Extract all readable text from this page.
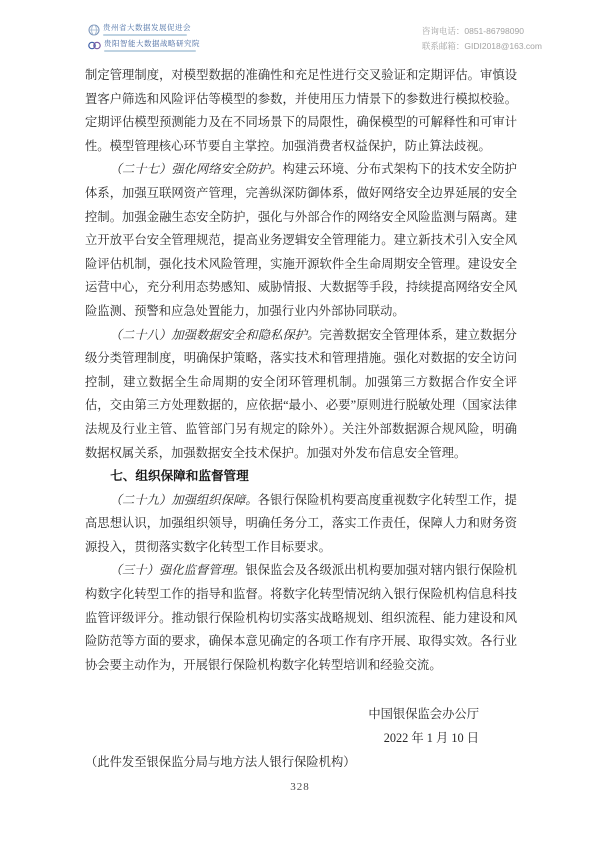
贵州省大数据发展促进会
贵阳智能大数据战略研究院
咨询电话：0851-86798090
联系邮箱：GIDI2018@163.com

制定管理制度，对模型数据的准确性和充足性进行交叉验证和定期评估。审慎设置客户筛选和风险评估等模型的参数，并使用压力情景下的参数进行模拟校验。定期评估模型预测能力及在不同场景下的局限性，确保模型的可解释性和可审计性。模型管理核心环节要自主掌控。加强消费者权益保护，防止算法歧视。

（二十七）强化网络安全防护。构建云环境、分布式架构下的技术安全防护体系，加强互联网资产管理，完善纵深防御体系，做好网络安全边界延展的安全控制。加强金融生态安全防护，强化与外部合作的网络安全风险监测与隔离。建立开放平台安全管理规范，提高业务逻辑安全管理能力。建立新技术引入安全风险评估机制，强化技术风险管理，实施开源软件全生命周期安全管理。建设安全运营中心，充分利用态势感知、威胁情报、大数据等手段，持续提高网络安全风险监测、预警和应急处置能力，加强行业内外部协同联动。

（二十八）加强数据安全和隐私保护。完善数据安全管理体系，建立数据分级分类管理制度，明确保护策略，落实技术和管理措施。强化对数据的安全访问控制，建立数据全生命周期的安全闭环管理机制。加强第三方数据合作安全评估，交由第三方处理数据的，应依据“最小、必要”原则进行脱敏处理（国家法律法规及行业主管、监管部门另有规定的除外）。关注外部数据源合规风险，明确数据权属关系，加强数据安全技术保护。加强对外发布信息安全管理。

七、组织保障和监督管理

（二十九）加强组织保障。各银行保险机构要高度重视数字化转型工作，提高思想认识，加强组织领导，明确任务分工，落实工作责任，保障人力和财务资源投入，贯彻落实数字化转型工作目标要求。

（三十）强化监督管理。银保监会及各级派出机构要加强对辖内银行保险机构数字化转型工作的指导和监督。将数字化转型情况纳入银行保险机构信息科技监管评级评分。推动银行保险机构切实落实战略规划、组织流程、能力建设和风险防范等方面的要求，确保本意见确定的各项工作有序开展、取得实效。各行业协会要主动作为，开展银行保险机构数字化转型培训和经验交流。

中国银保监会办公厅

2022 年 1 月 10 日

（此件发至银保监分局与地方法人银行保险机构）

328
